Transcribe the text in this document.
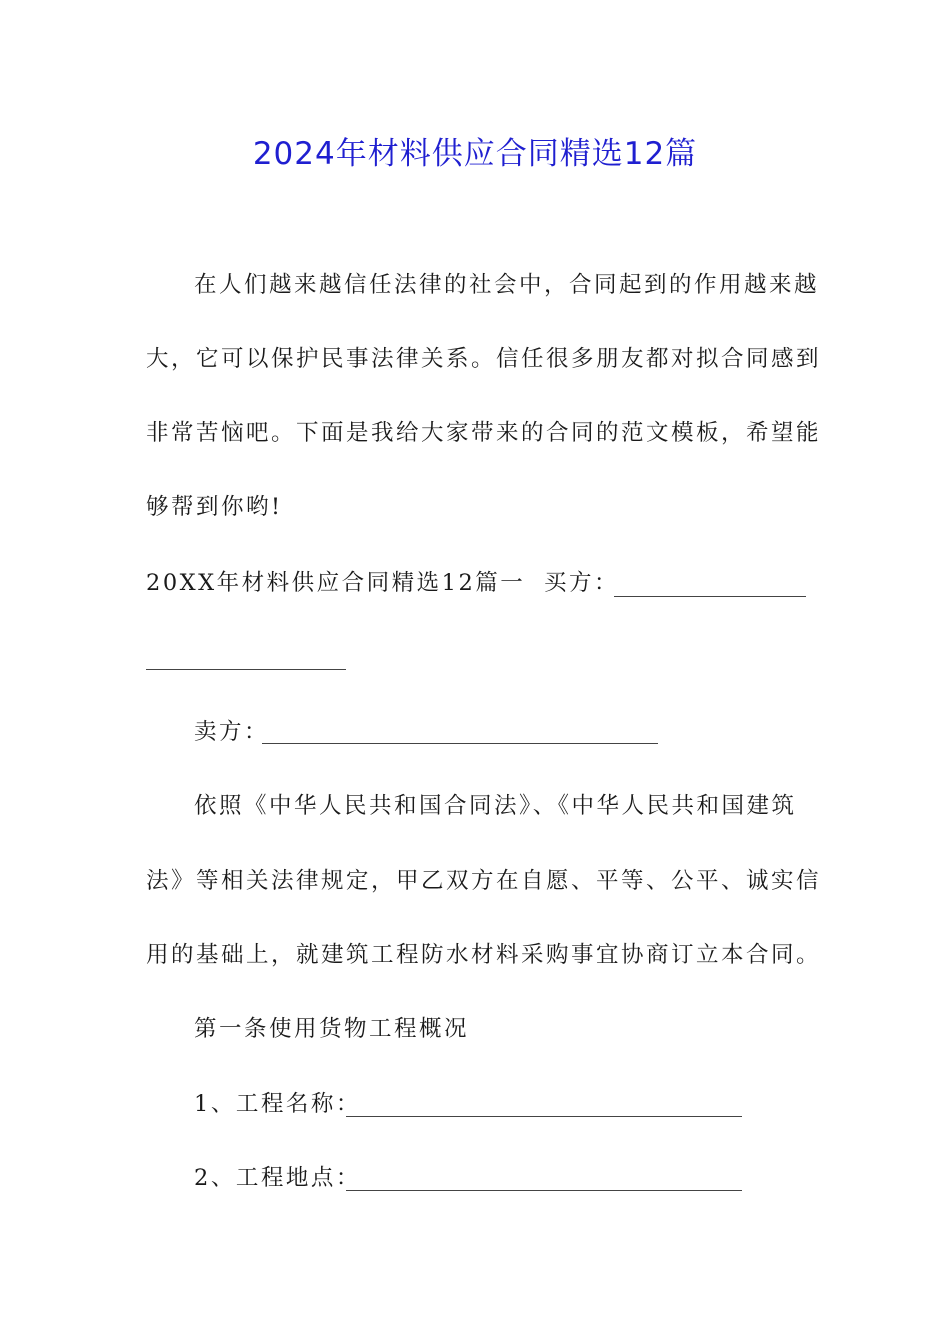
2024年材料供应合同精选12篇
在人们越来越信任法律的社会中，合同起到的作用越来越
大，它可以保护民事法律关系。信任很多朋友都对拟合同感到
非常苦恼吧。下面是我给大家带来的合同的范文模板，希望能
够帮到你哟!
20XX年材料供应合同精选12篇一 买方：
卖方：
依照《中华人民共和国合同法》、《中华人民共和国建筑
法》等相关法律规定，甲乙双方在自愿、平等、公平、诚实信
用的基础上，就建筑工程防水材料采购事宜协商订立本合同。
第一条使用货物工程概况
1、工程名称：
2、工程地点：
